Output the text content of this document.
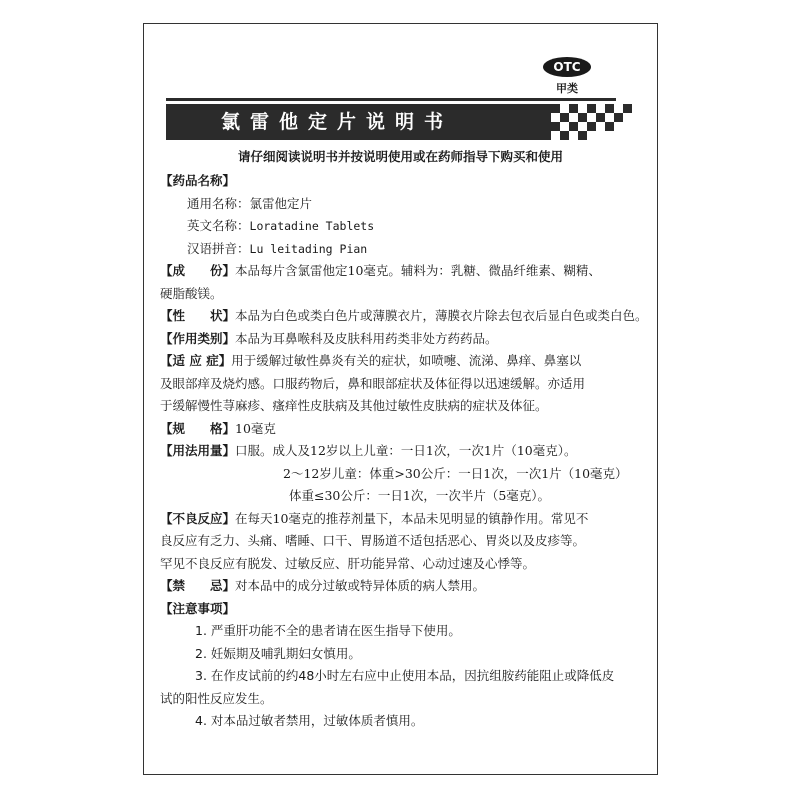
OTC
甲类
氯雷他定片说明书
请仔细阅读说明书并按说明使用或在药师指导下购买和使用
【药品名称】
通用名称：氯雷他定片
英文名称：Loratadine Tablets
汉语拼音：Lu leitading Pian
【成　　份】本品每片含氯雷他定10毫克。辅料为：乳糖、微晶纤维素、糊精、
硬脂酸镁。
【性　　状】本品为白色或类白色片或薄膜衣片，薄膜衣片除去包衣后显白色或类白色。
【作用类别】本品为耳鼻喉科及皮肤科用药类非处方药药品。
【适 应 症】用于缓解过敏性鼻炎有关的症状，如喷嚏、流涕、鼻痒、鼻塞以
及眼部痒及烧灼感。口服药物后，鼻和眼部症状及体征得以迅速缓解。亦适用
于缓解慢性荨麻疹、瘙痒性皮肤病及其他过敏性皮肤病的症状及体征。
【规　　格】10毫克
【用法用量】口服。成人及12岁以上儿童：一日1次，一次1片（10毫克）。
2～12岁儿童：体重>30公斤：一日1次，一次1片（10毫克）
体重≤30公斤：一日1次，一次半片（5毫克）。
【不良反应】在每天10毫克的推荐剂量下，本品未见明显的镇静作用。常见不
良反应有乏力、头痛、嗜睡、口干、胃肠道不适包括恶心、胃炎以及皮疹等。
罕见不良反应有脱发、过敏反应、肝功能异常、心动过速及心悸等。
【禁　　忌】对本品中的成分过敏或特异体质的病人禁用。
【注意事项】
1. 严重肝功能不全的患者请在医生指导下使用。
2. 妊娠期及哺乳期妇女慎用。
3. 在作皮试前的约48小时左右应中止使用本品，因抗组胺药能阻止或降低皮
试的阳性反应发生。
4. 对本品过敏者禁用，过敏体质者慎用。
